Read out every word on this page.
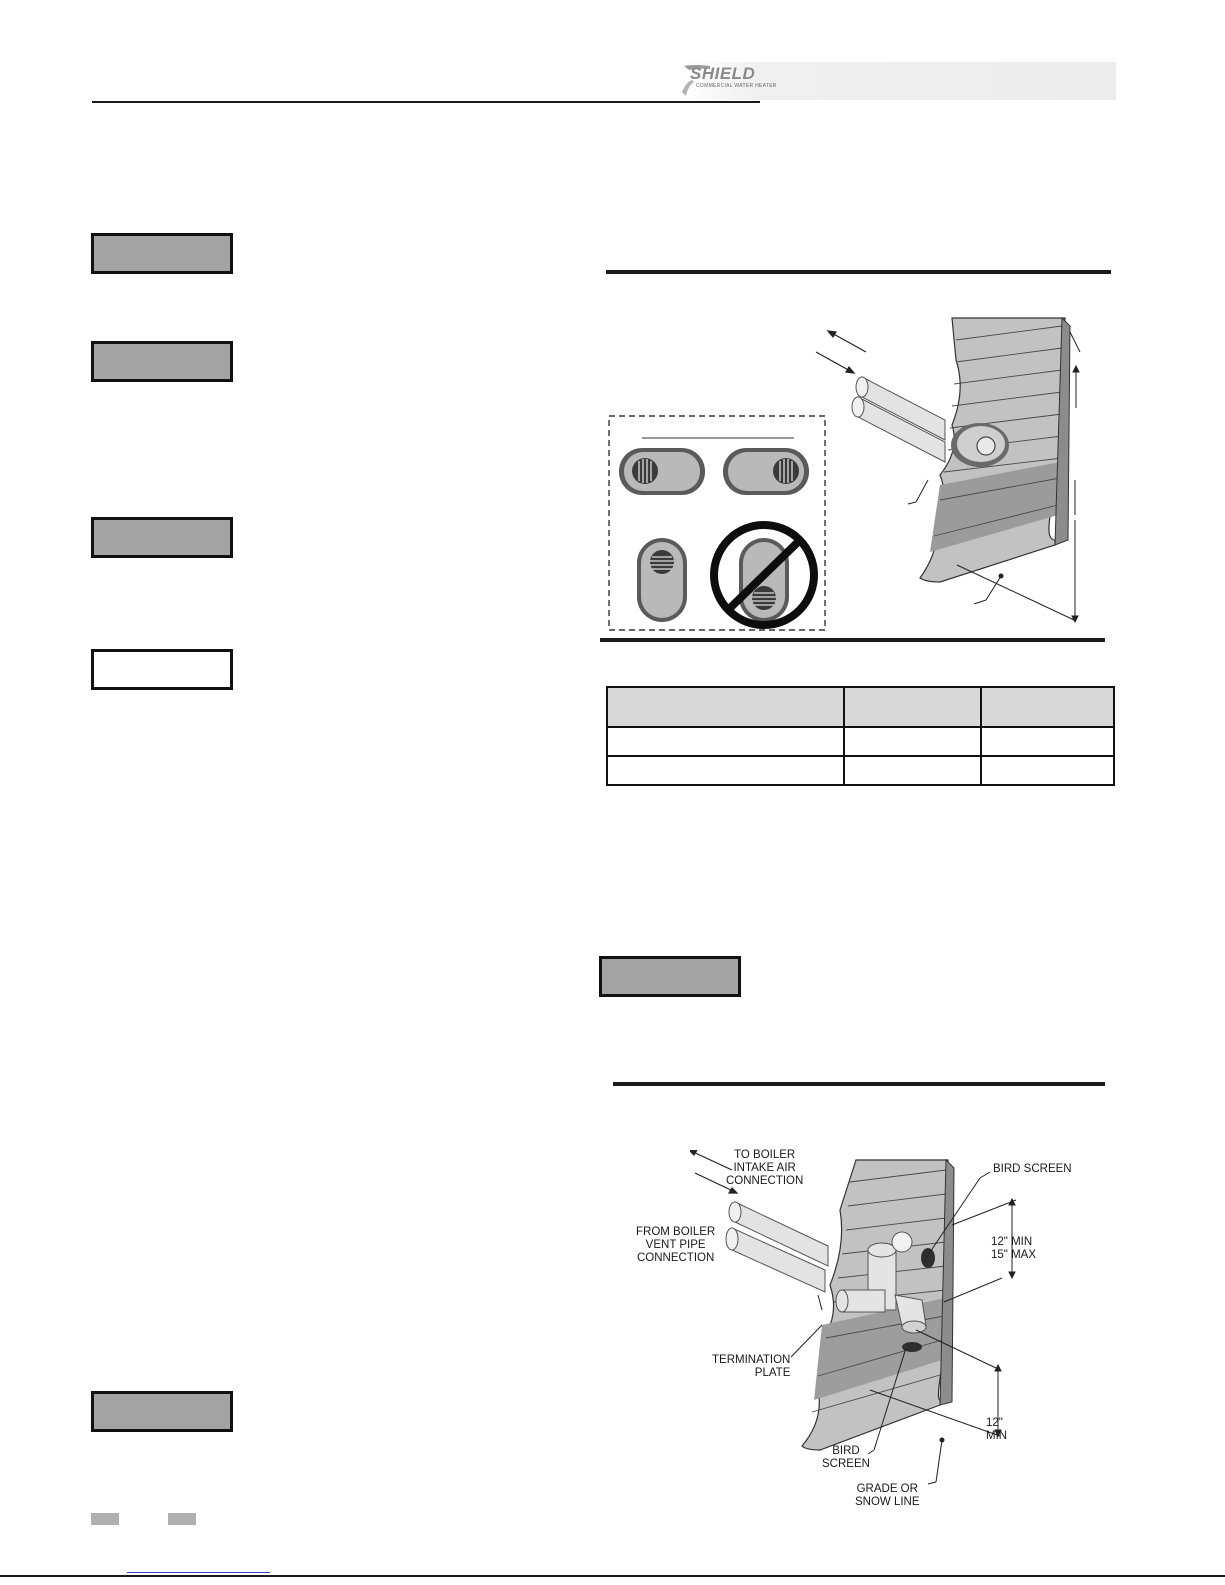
SHIELD
COMMERCIAL WATER HEATER

TO BOILER
INTAKE AIR
CONNECTION
FROM BOILER
VENT PIPE
CONNECTION
BIRD SCREEN
12" MIN
15" MAX
TERMINATION
PLATE
12"
MIN
BIRD
SCREEN
GRADE OR
SNOW LINE
